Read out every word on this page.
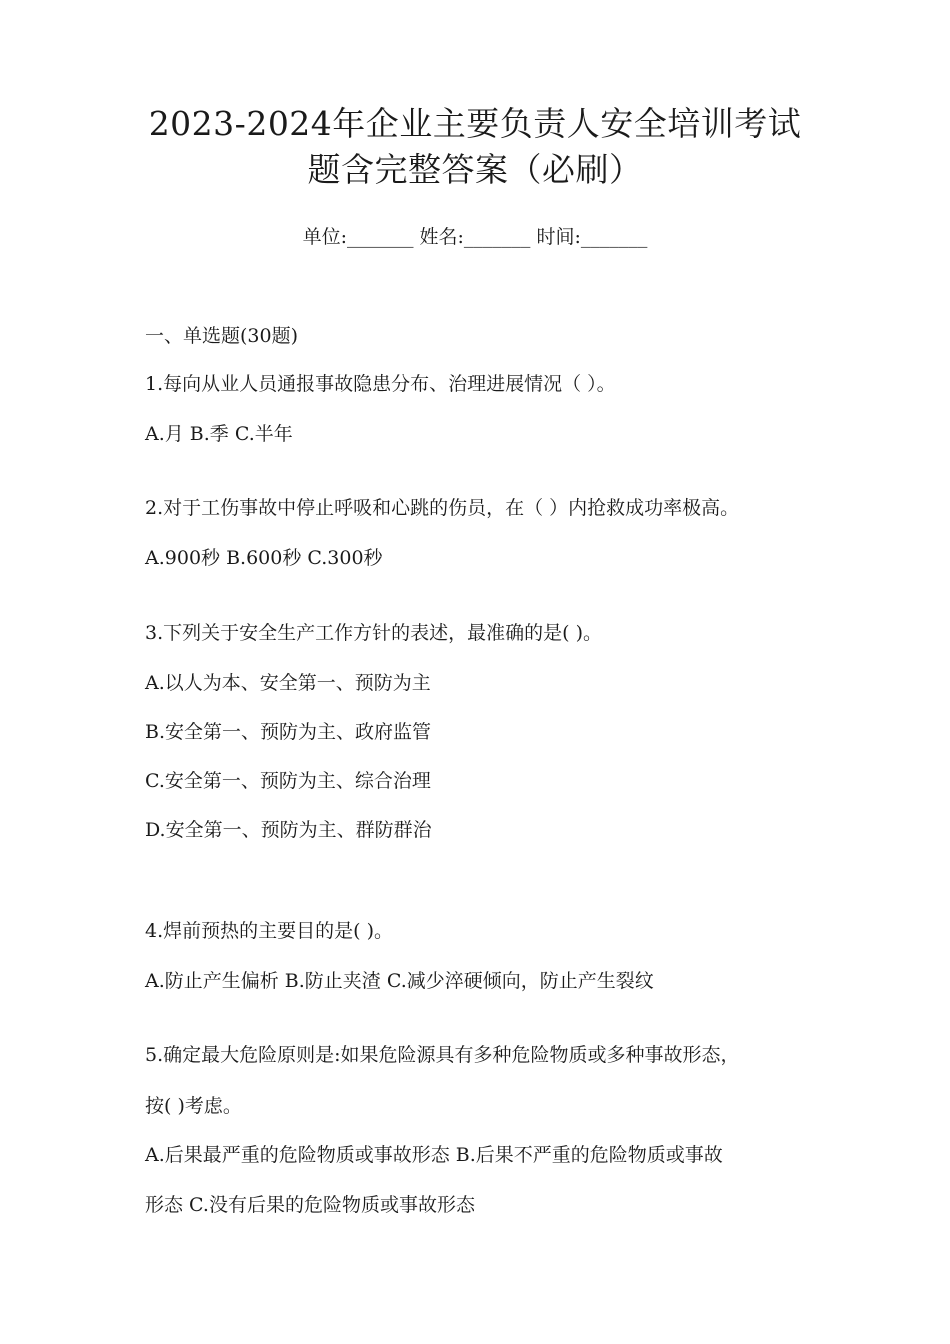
2023-2024年企业主要负责人安全培训考试
题含完整答案（必刷）
单位:_______ 姓名:_______ 时间:_______
一、单选题(30题)
1.每向从业人员通报事故隐患分布、治理进展情况（ ）。
A.月 B.季 C.半年
2.对于工伤事故中停止呼吸和心跳的伤员，在（ ）内抢救成功率极高。
A.900秒 B.600秒 C.300秒
3.下列关于安全生产工作方针的表述，最准确的是( )。
A.以人为本、安全第一、预防为主
B.安全第一、预防为主、政府监管
C.安全第一、预防为主、综合治理
D.安全第一、预防为主、群防群治
4.焊前预热的主要目的是( )。
A.防止产生偏析 B.防止夹渣 C.减少淬硬倾向，防止产生裂纹
5.确定最大危险原则是:如果危险源具有多种危险物质或多种事故形态，
按( )考虑。
A.后果最严重的危险物质或事故形态 B.后果不严重的危险物质或事故
形态 C.没有后果的危险物质或事故形态
